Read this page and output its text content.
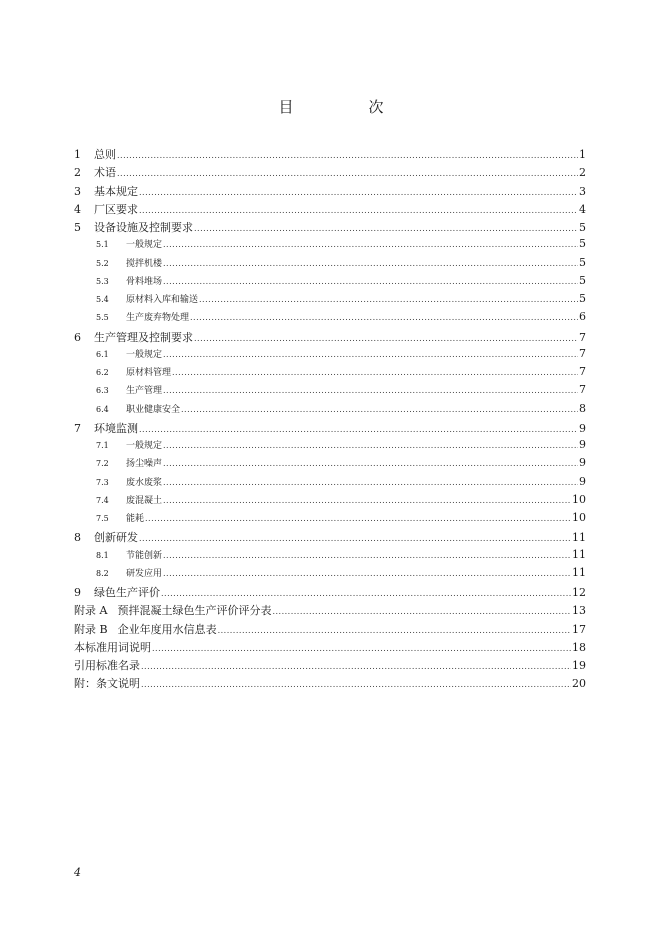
目　次
1	总则 .....	1
2	术语 .....	2
3	基本规定 .....	3
4	厂区要求 .....	4
5	设备设施及控制要求 .....	5
5.1	一般规定 .....	5
5.2	搅拌机楼 .....	5
5.3	骨料堆场 .....	5
5.4	原材料入库和输送 .....	5
5.5	生产废弃物处理 .....	6
6	生产管理及控制要求 .....	7
6.1	一般规定 .....	7
6.2	原材料管理 .....	7
6.3	生产管理 .....	7
6.4	职业健康安全 .....	8
7	环境监测 .....	9
7.1	一般规定 .....	9
7.2	扬尘噪声 .....	9
7.3	废水废浆 .....	9
7.4	废混凝土 .....	10
7.5	能耗 .....	10
8	创新研发 .....	11
8.1	节能创新 .....	11
8.2	研发应用 .....	11
9	绿色生产评价 .....	12
附录 A 预拌混凝土绿色生产评价评分表 .....	13
附录 B 企业年度用水信息表 .....	17
本标准用词说明 .....	18
引用标准名录 .....	19
附：条文说明 .....	20
4
